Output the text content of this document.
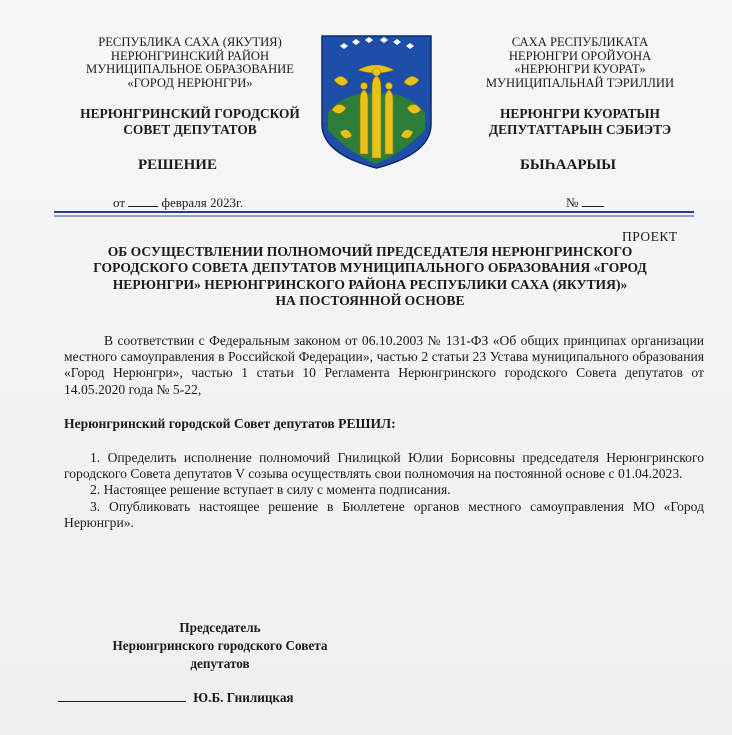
РЕСПУБЛИКА САХА (ЯКУТИЯ)
НЕРЮНГРИНСКИЙ РАЙОН
МУНИЦИПАЛЬНОЕ ОБРАЗОВАНИЕ
«ГОРОД НЕРЮНГРИ»
САХА РЕСПУБЛИКАТА
НЕРЮНГРИ ОРОЙУОНА
«НЕРЮНГРИ КУОРАТ»
МУНИЦИПАЛЬНАЙ ТЭРИЛЛИИ
НЕРЮНГРИНСКИЙ ГОРОДСКОЙ
СОВЕТ ДЕПУТАТОВ
НЕРЮНГРИ КУОРАТЫН
ДЕПУТАТТАРЫН СЭБИЭТЭ
РЕШЕНИЕ	БЫҺААРЫЫ
от	февраля 2023г.	№
ПРОЕКТ
ОБ ОСУЩЕСТВЛЕНИИ ПОЛНОМОЧИЙ ПРЕДСЕДАТЕЛЯ НЕРЮНГРИНСКОГО
ГОРОДСКОГО СОВЕТА ДЕПУТАТОВ МУНИЦИПАЛЬНОГО ОБРАЗОВАНИЯ «ГОРОД
НЕРЮНГРИ» НЕРЮНГРИНСКОГО РАЙОНА РЕСПУБЛИКИ САХА (ЯКУТИЯ)»
НА ПОСТОЯННОЙ ОСНОВЕ

В соответствии с Федеральным законом от 06.10.2003 № 131-ФЗ «Об общих принципах организации местного самоуправления в Российской Федерации», частью 2 статьи 23 Устава муниципального образования «Город Нерюнгри», частью 1 статьи 10 Регламента Нерюнгринского городского Совета депутатов от 14.05.2020 года № 5-22,

Нерюнгринский городской Совет депутатов РЕШИЛ:

1. Определить исполнение полномочий Гнилицкой Юлии Борисовны председателя Нерюнгринского городского Совета депутатов V созыва осуществлять свои полномочия на постоянной основе с 01.04.2023.

2. Настоящее решение вступает в силу с момента подписания.

3. Опубликовать настоящее решение в Бюллетене органов местного самоуправления МО «Город Нерюнгри».

Председатель
Нерюнгринского городского Совета
депутатов
Ю.Б. Гнилицкая
